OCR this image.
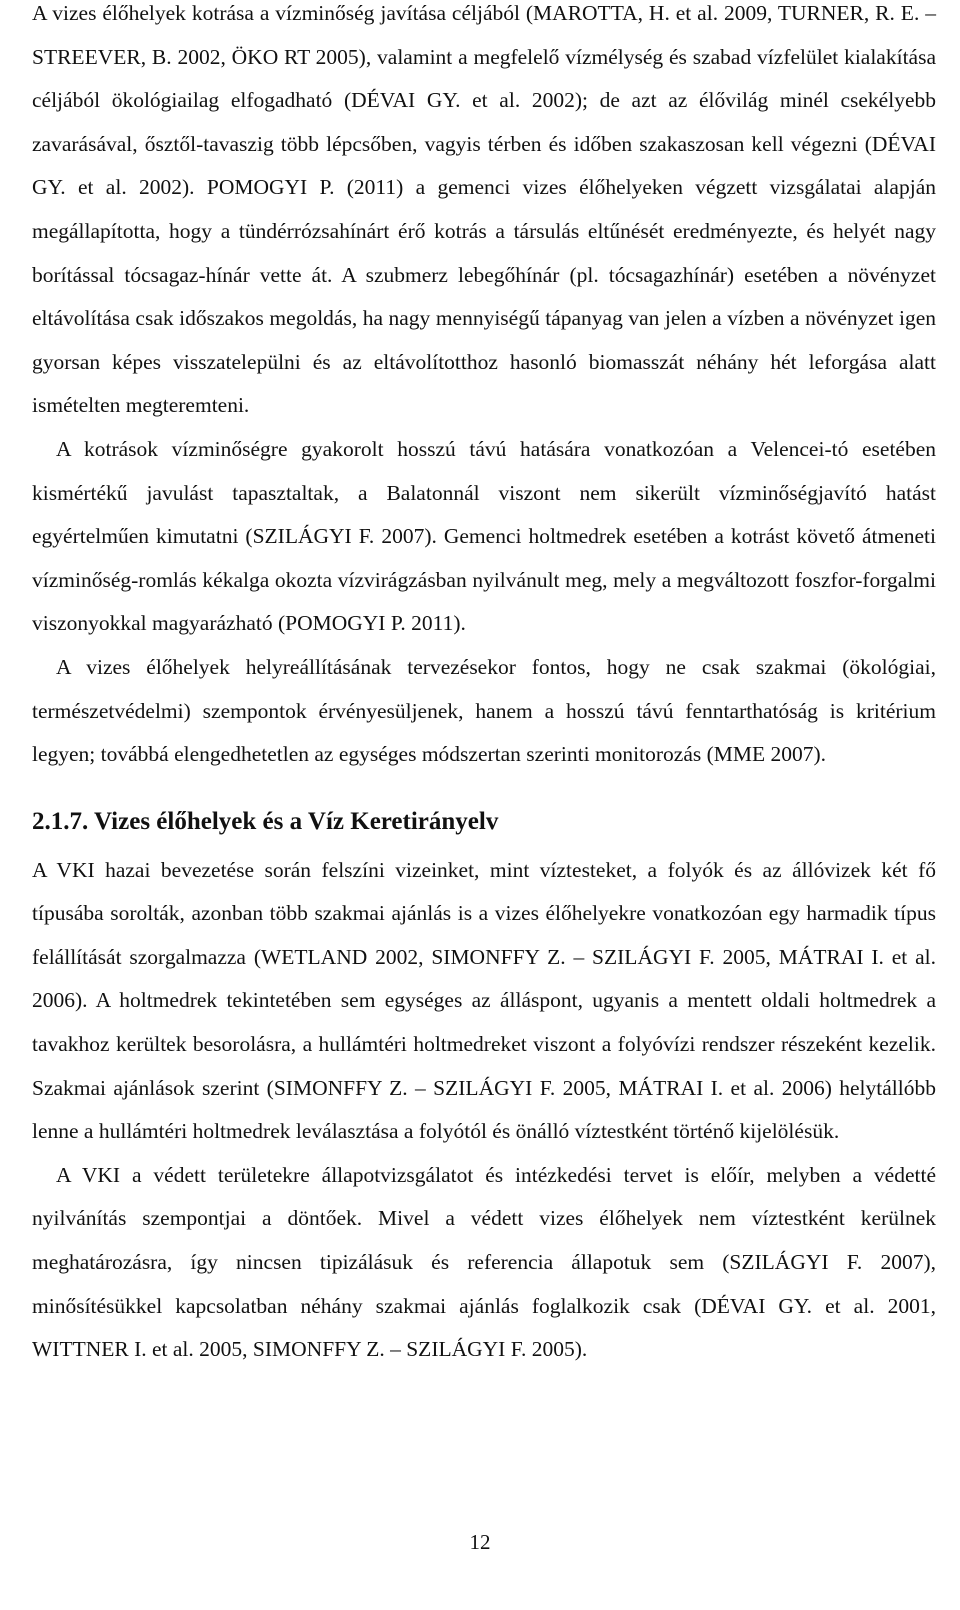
A vizes élőhelyek kotrása a vízminőség javítása céljából (MAROTTA, H. et al. 2009, TURNER, R. E. – STREEVER, B. 2002, ÖKO RT 2005), valamint a megfelelő vízmélység és szabad vízfelület kialakítása céljából ökológiailag elfogadható (DÉVAI GY. et al. 2002); de azt az élővilág minél csekélyebb zavarásával, ősztől-tavaszig több lépcsőben, vagyis térben és időben szakaszosan kell végezni (DÉVAI GY. et al. 2002). POMOGYI P. (2011) a gemenci vizes élőhelyeken végzett vizsgálatai alapján megállapította, hogy a tündérrózsahínárt érő kotrás a társulás eltűnését eredményezte, és helyét nagy borítással tócsagaz-hínár vette át. A szubmerz lebegőhínár (pl. tócsagazhínár) esetében a növényzet eltávolítása csak időszakos megoldás, ha nagy mennyiségű tápanyag van jelen a vízben a növényzet igen gyorsan képes visszatelepülni és az eltávolítotthoz hasonló biomasszát néhány hét leforgása alatt ismételten megteremteni.

A kotrások vízminőségre gyakorolt hosszú távú hatására vonatkozóan a Velencei-tó esetében kismértékű javulást tapasztaltak, a Balatonnál viszont nem sikerült vízminőségjavító hatást egyértelműen kimutatni (SZILÁGYI F. 2007). Gemenci holtmedrek esetében a kotrást követő átmeneti vízminőség-romlás kékalga okozta vízvirágzásban nyilvánult meg, mely a megváltozott foszfor-forgalmi viszonyokkal magyarázható (POMOGYI P. 2011).

A vizes élőhelyek helyreállításának tervezésekor fontos, hogy ne csak szakmai (ökológiai, természetvédelmi) szempontok érvényesüljenek, hanem a hosszú távú fenntarthatóság is kritérium legyen; továbbá elengedhetetlen az egységes módszertan szerinti monitorozás (MME 2007).

2.1.7. Vizes élőhelyek és a Víz Keretirányelv

A VKI hazai bevezetése során felszíni vizeinket, mint víztesteket, a folyók és az állóvizek két fő típusába sorolták, azonban több szakmai ajánlás is a vizes élőhelyekre vonatkozóan egy harmadik típus felállítását szorgalmazza (WETLAND 2002, SIMONFFY Z. – SZILÁGYI F. 2005, MÁTRAI I. et al. 2006). A holtmedrek tekintetében sem egységes az álláspont, ugyanis a mentett oldali holtmedrek a tavakhoz kerültek besorolásra, a hullámtéri holtmedreket viszont a folyóvízi rendszer részeként kezelik. Szakmai ajánlások szerint (SIMONFFY Z. – SZILÁGYI F. 2005, MÁTRAI I. et al. 2006) helytállóbb lenne a hullámtéri holtmedrek leválasztása a folyótól és önálló víztestként történő kijelölésük.

A VKI a védett területekre állapotvizsgálatot és intézkedési tervet is előír, melyben a védetté nyilvánítás szempontjai a döntőek. Mivel a védett vizes élőhelyek nem víztestként kerülnek meghatározásra, így nincsen tipizálásuk és referencia állapotuk sem (SZILÁGYI F. 2007), minősítésükkel kapcsolatban néhány szakmai ajánlás foglalkozik csak (DÉVAI GY. et al. 2001, WITTNER I. et al. 2005, SIMONFFY Z. – SZILÁGYI F. 2005).

12
